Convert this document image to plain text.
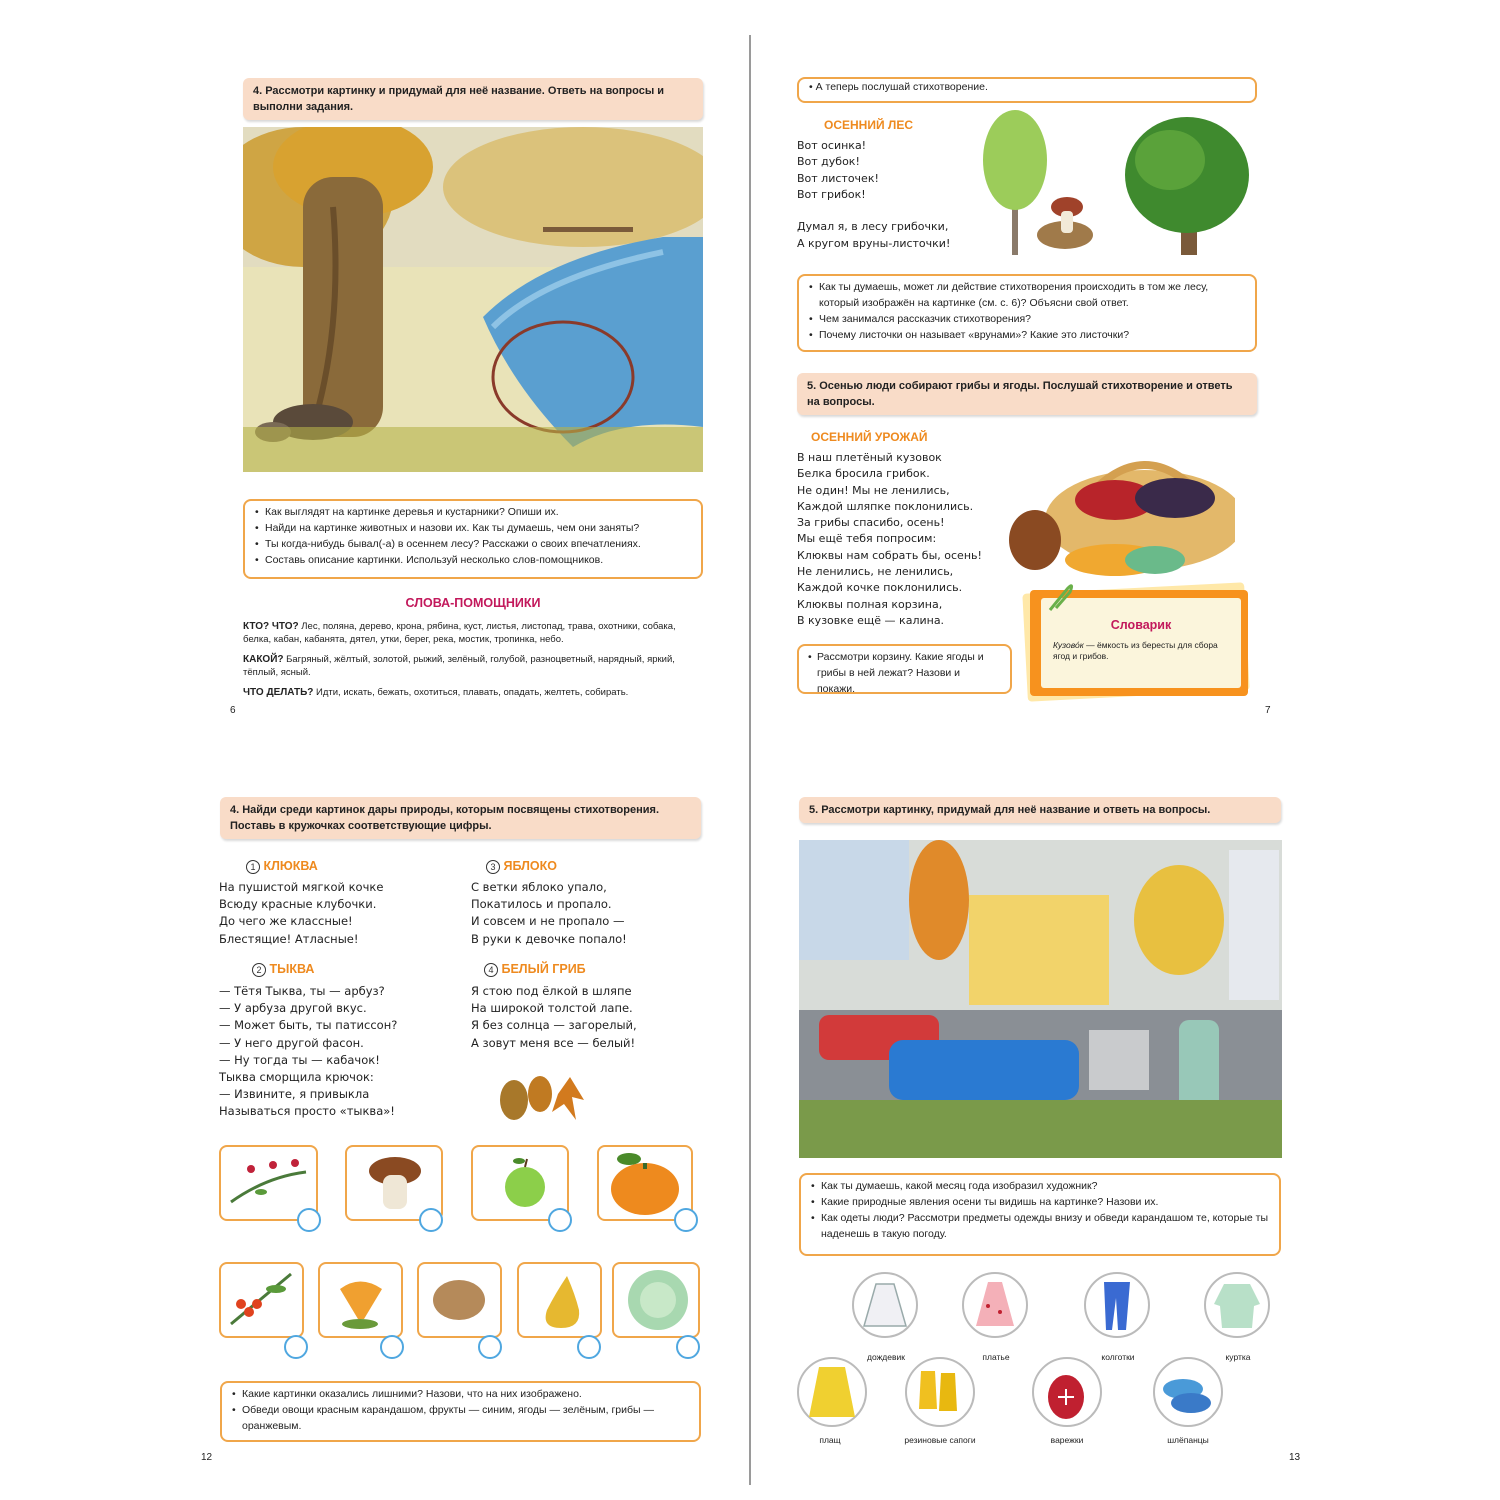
4. Рассмотри картинку и придумай для неё название. Ответь на вопросы и выполни задания.
• Как выглядят на картинке деревья и кустарники? Опиши их.
• Найди на картинке животных и назови их. Как ты думаешь, чем они заняты?
• Ты когда-нибудь бывал(-а) в осеннем лесу? Расскажи о своих впечатлениях.
• Составь описание картинки. Используй несколько слов-помощников.
СЛОВА-ПОМОЩНИКИ
КТО? ЧТО? Лес, поляна, дерево, крона, рябина, куст, листья, листопад, трава, охотники, собака, белка, кабан, кабанята, дятел, утки, берег, река, мостик, тропинка, небо.
КАКОЙ? Багряный, жёлтый, золотой, рыжий, зелёный, голубой, разноцветный, нарядный, яркий, тёплый, ясный.
ЧТО ДЕЛАТЬ? Идти, искать, бежать, охотиться, плавать, опадать, желтеть, собирать.
6
• А теперь послушай стихотворение.
ОСЕННИЙ ЛЕС
Вот осинка!
Вот дубок!
Вот листочек!
Вот грибок!

Думал я, в лесу грибочки,
А кругом вруны-листочки!
• Как ты думаешь, может ли действие стихотворения происходить в том же лесу, который изображён на картинке (см. с. 6)? Объясни свой ответ.
• Чем занимался рассказчик стихотворения?
• Почему листочки он называет «врунами»? Какие это листочки?
5. Осенью люди собирают грибы и ягоды. Послушай стихотворение и ответь на вопросы.
ОСЕННИЙ УРОЖАЙ
В наш плетёный кузовок
Белка бросила грибок.
Не один! Мы не ленились,
Каждой шляпке поклонились.
За грибы спасибо, осень!
Мы ещё тебя попросим:
Клюквы нам собрать бы, осень!
Не ленились, не ленились,
Каждой кочке поклонились.
Клюквы полная корзина,
В кузовке ещё — калина.	Словарик
Кузово́к — ёмкость из бересты для сбора ягод и грибов.
• Рассмотри корзину. Какие ягоды и грибы в ней лежат? Назови и покажи.
7
4. Найди среди картинок дары природы, которым посвящены стихотворения. Поставь в кружочках соответствующие цифры.
1 КЛЮКВА
На пушистой мягкой кочке
Всюду красные клубочки.
До чего же классные!
Блестящие! Атласные!
3 ЯБЛОКО
С ветки яблоко упало,
Покатилось и пропало.
И совсем и не пропало —
В руки к девочке попало!
2 ТЫКВА
— Тётя Тыква, ты — арбуз?
— У арбуза другой вкус.
— Может быть, ты патиссон?
— У него другой фасон.
— Ну тогда ты — кабачок!
Тыква сморщила крючок:
— Извините, я привыкла
Называться просто «тыква»!
4 БЕЛЫЙ ГРИБ
Я стою под ёлкой в шляпе
На широкой толстой лапе.
Я без солнца — загорелый,
А зовут меня все — белый!
• Какие картинки оказались лишними? Назови, что на них изображено.
• Обведи овощи красным карандашом, фрукты — синим, ягоды — зелёным, грибы — оранжевым.
12
5. Рассмотри картинку, придумай для неё название и ответь на вопросы.
• Как ты думаешь, какой месяц года изобразил художник?
• Какие природные явления осени ты видишь на картинке? Назови их.
• Как одеты люди? Рассмотри предметы одежды внизу и обведи карандашом те, которые ты наденешь в такую погоду.
дождевик	платье	колготки	куртка
плащ	резиновые сапоги	варежки	шлёпанцы
13
